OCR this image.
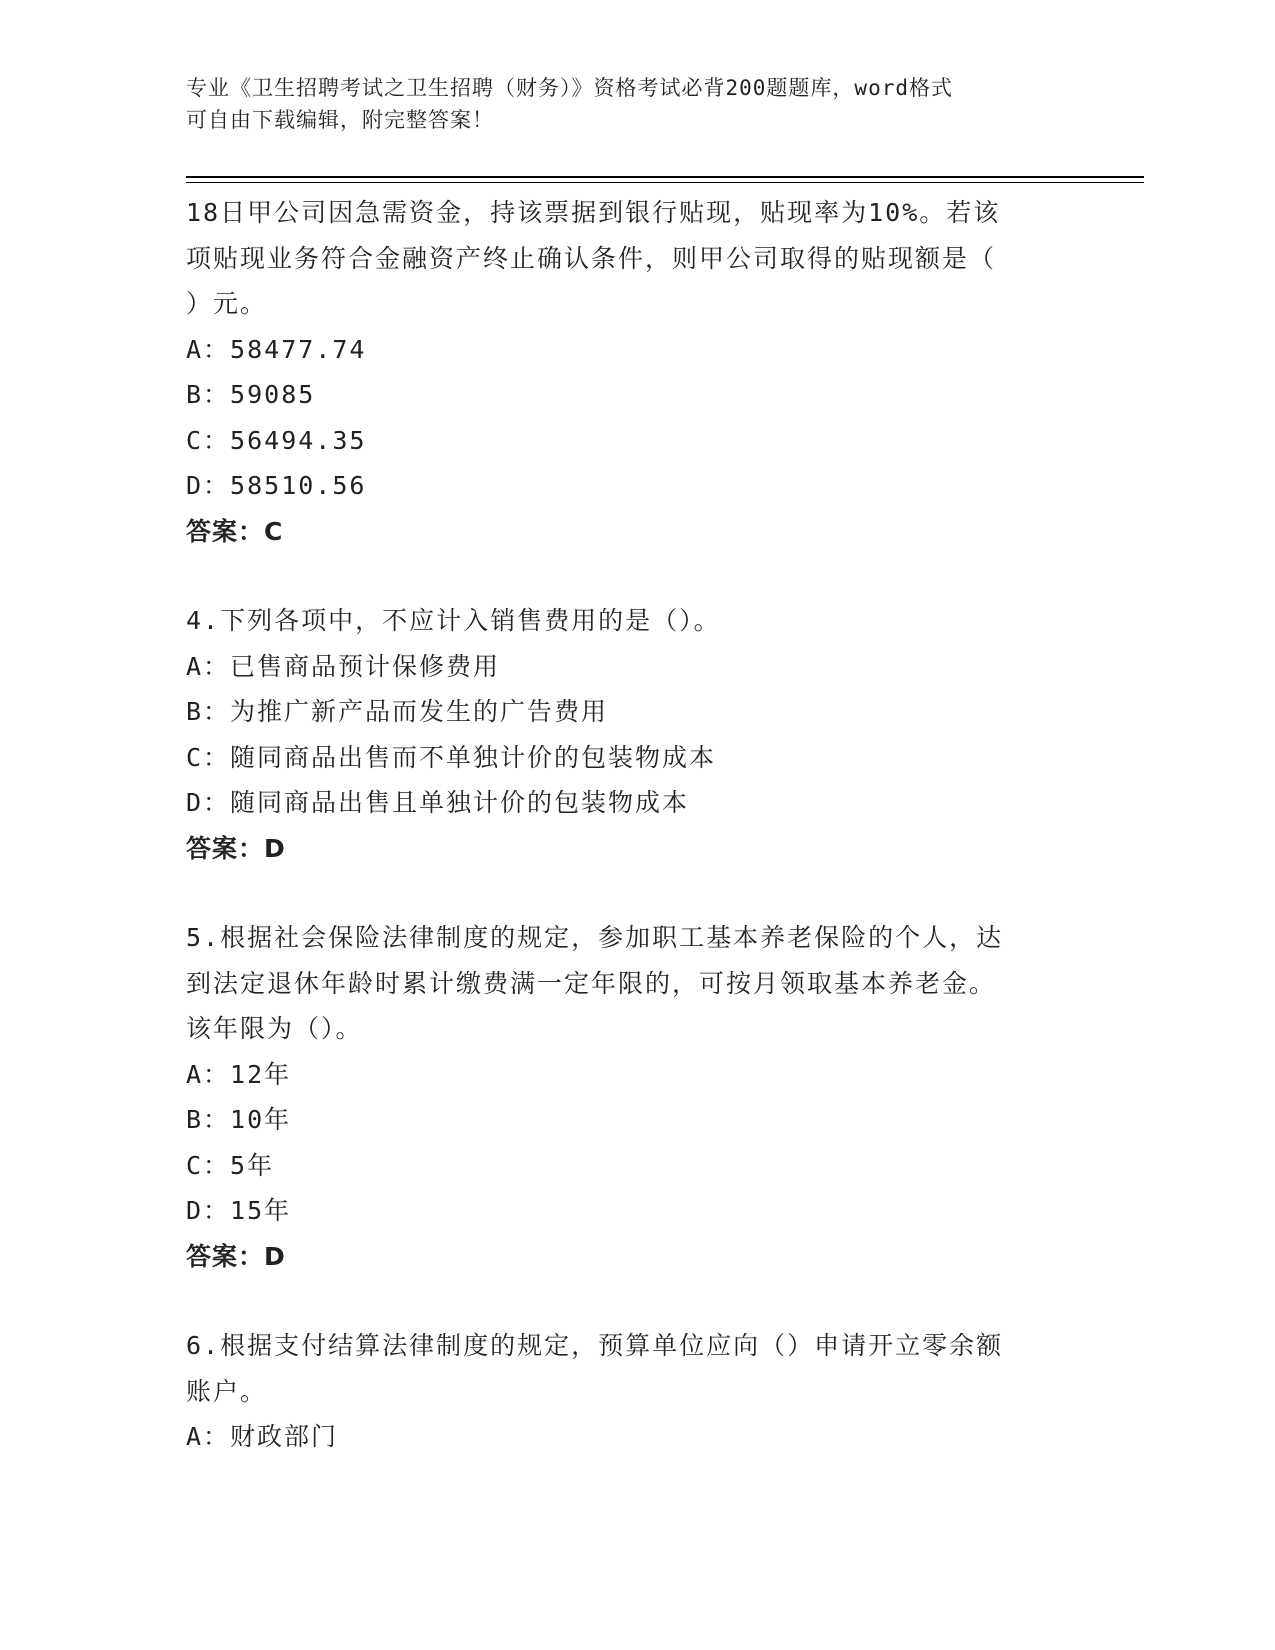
专业《卫生招聘考试之卫生招聘（财务）》资格考试必背200题题库，word格式
可自由下载编辑，附完整答案！
18日甲公司因急需资金，持该票据到银行贴现，贴现率为10%。若该
项贴现业务符合金融资产终止确认条件，则甲公司取得的贴现额是（
）元。
A：58477.74
B：59085
C：56494.35
D：58510.56
答案：C
4.下列各项中，不应计入销售费用的是（）。
A：已售商品预计保修费用
B：为推广新产品而发生的广告费用
C：随同商品出售而不单独计价的包装物成本
D：随同商品出售且单独计价的包装物成本
答案：D
5.根据社会保险法律制度的规定，参加职工基本养老保险的个人，达
到法定退休年龄时累计缴费满一定年限的，可按月领取基本养老金。
该年限为（）。
A：12年
B：10年
C：5年
D：15年
答案：D
6.根据支付结算法律制度的规定，预算单位应向（）申请开立零余额
账户。
A：财政部门
